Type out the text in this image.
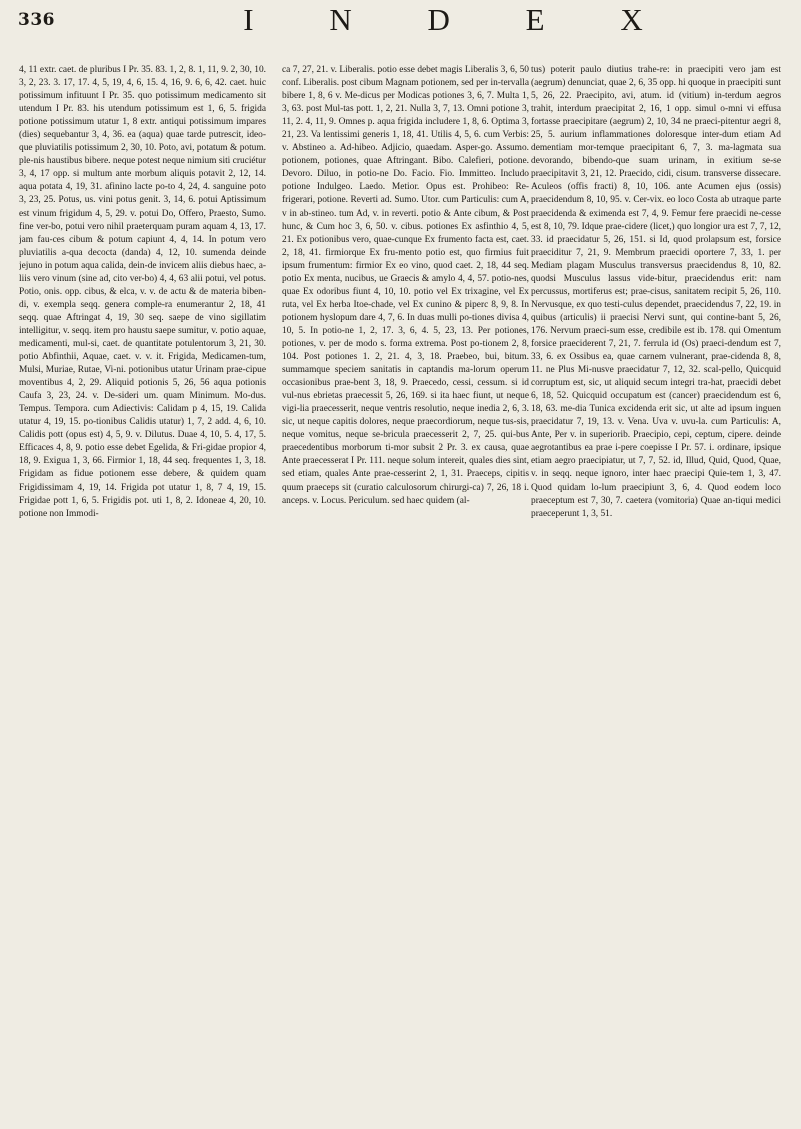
336	I N D E X

4, 11 extr. caet. de pluribus I Pr. 35. 83. 1, 2, 8. 1, 11, 9. 2, 30, 10. 3, 2, 23. 3. 17, 17. 4, 5, 19, 4, 6, 15. 4, 16, 9. 6, 6, 42. caet. huic potissimum infituunt I Pr. 35. quo potissimum medicamento sit utendum I Pr. 83. his utendum potissimum est 1, 6, 5. frigida potione potissimum utatur 1, 8 extr. antiqui potissimum impares (dies) sequebantur 3, 4, 36. ea (aqua) quae tarde putrescit, ideo-que pluviatilis potissimum 2, 30, 10. Poto, avi, potatum & potum. ple-nis haustibus bibere. neque potest neque nimium siti cruciétur 3, 4, 17 opp. si multum ante morbum aliquis potavit 2, 12, 14. aqua potata 4, 19, 31. afinino lacte po-to 4, 24, 4. sanguine poto 3, 23, 25. Potus, us. vini potus genit. 3, 14, 6. potui Aptissimum est vinum frigidum 4, 5, 29. v. potui Do, Offero, Praesto, Sumo. fine ver-bo, potui vero nihil praeterquam puram aquam 4, 13, 17. jam fau-ces cibum & potum capiunt 4, 4, 14. In potum vero pluviatilis a-qua decocta (danda) 4, 12, 10. sumenda deinde jejuno in potum aqua calida, dein-de invicem aliis diebus haec, a-liis vero vinum (sine ad, cito ver-bo) 4, 4, 63 alii potui, vel potus. Potio, onis. opp. cibus, & elca, v. v. de actu & de materia biben-di, v. exempla seqq. genera comple-ra enumerantur 2, 18, 41 seqq. quae Aftringat 4, 19, 30 seq. saepe de vino sigillatim intelligitur, v. seqq. item pro haustu saepe sumitur, v. potio aquae, medicamenti, mul-si, caet. de quantitate potulentorum 3, 21, 30. potio Abfinthii, Aquae, caet. v. v. it. Frigida, Medicamen-tum, Mulsi, Muriae, Rutae, Vi-ni. potionibus utatur Urinam prae-cipue moventibus 4, 2, 29. Aliquid potionis 5, 26, 56 aqua potionis Caufa 3, 23, 24. v. De-sideri um. quam Minimum. Mo-dus. Tempus. Tempora. cum Adiectivis: Calidam p 4, 15, 19. Calida utatur 4, 19, 15. po-tionibus Calidis utatur) 1, 7, 2 add. 4, 6, 10. Calidis pott (opus est) 4, 5, 9. v. Dilutus. Duae 4, 10, 5. 4, 17, 5. Efficaces 4, 8, 9. potio esse debet Egelida, & Fri-gidae propior 4, 18, 9. Exigua 1, 3, 66. Firmior 1, 18, 44 seq. frequentes 1, 3, 18. Frigidam as fidue potionem esse debere, & quidem quam Frigidissimam 4, 19, 14. Frigida pot utatur 1, 8, 7 4, 19, 15. Frigidae pott 1, 6, 5. Frigidis pot. uti 1, 8, 2. Idoneae 4, 20, 10. potione non Immodi-

ca 7, 27, 21. v. Liberalis. potio esse debet magis Liberalis 3, 6, 50 conf. Liberalis. post cibum Magnam potionem, sed per in-tervalla bibere 1, 8, 6 v. Me-dicus per Modicas potiones 3, 6, 7. Multa 1, 3, 63. post Mul-tas pott. 1, 2, 21. Nulla 3, 7, 13. Omni potione 3, 11, 2. 4, 11, 9. Omnes p. aqua frigida includere 1, 8, 6. Optima 3, 21, 23. Va lentissimi generis 1, 18, 41. Utilis 4, 5, 6. cum Verbis: v. Abstineo a. Ad-hibeo. Adjicio, quaedam. Asper-go. Assumo. potionem, potiones, quae Aftringant. Bibo. Calefieri, potione. Devoro. Diluo, in potio-ne Do. Facio. Fio. Immitteo. Includo potione Indulgeo. Laedo. Metior. Opus est. Prohibeo: Re-frigerari, potione. Reverti ad. Sumo. Utor. cum Particulis: cum A, v in ab-stineo. tum Ad, v. in reverti. potio & Ante cibum, & Post hunc, & Cum hoc 3, 6, 50. v. cibus. potiones Ex asfinthio 4, 5, 21. Ex potionibus vero, quae-cunque Ex frumento facta est, caet. 2, 18, 41. firmiorque Ex fru-mento potio est, quo firmius fuit ipsum frumentum: firmior Ex eo vino, quod caet. 2, 18, 44 seq. potio Ex menta, nucibus, ue Graecis & amylo 4, 4, 57. potio-nes, quae Ex odoribus fiunt 4, 10, 10. potio vel Ex trixagine, vel Ex ruta, vel Ex herba Itoe-chade, vel Ex cunino & piperc 8, 9, 8. In potionem hyslopum dare 4, 7, 6. In duas mulli po-tiones divisa 4, 10, 5. In potio-ne 1, 2, 17. 3, 6, 4. 5, 23, 13. Per potiones, potiones, v. per de modo s. forma extrema. Post po-tionem 2, 8, 104. Post potiones 1. 2, 21. 4, 3, 18. Praebeo, bui, bitum. summamque speciem sanitatis in captandis ma-lorum operum occasionibus prae-bent 3, 18, 9. Praecedo, cessi, cessum. si id vul-nus ebrietas praecessit 5, 26, 169. si ita haec fiunt, ut neque vigi-lia praecesserit, neque ventris resolutio, neque inedia 2, 6, 3. sic, ut neque capitis dolores, neque praecordiorum, neque tus-sis, neque vomitus, neque se-bricula praecesserit 2, 7, 25. qui-bus praecedentibus morborum ti-mor subsit 2 Pr. 3. ex causa, quae Ante praecesserat I Pr. 111. neque solum intereit, quales dies sint, sed etiam, quales Ante prae-cesserint 2, 1, 31. Praeceps, cipitis quum praeceps sit (curatio calculosorum chirurgi-ca) 7, 26, 18 i. anceps. v. Locus. Periculum. sed haec quidem (al-

tus) poterit paulo diutius trahe-re: in praecipiti vero jam est (aegrum) denunciat, quae 2, 6, 35 opp. hi quoque in praecipiti sunt 5, 26, 22. Praecipito, avi, atum. id (vitium) in-terdum aegros trahit, interdum praecipitat 2, 16, 1 opp. simul o-mni vi effusa fortasse praecipitare (aegrum) 2, 10, 34 ne praeci-pitentur aegri 8, 25, 5. aurium inflammationes doloresque inter-dum etiam Ad dementiam mor-temque praecipitant 6, 7, 3. ma-lagmata sua devorando, bibendo-que suam urinam, in exitium se-se praecipitavit 3, 21, 12. Praecido, cidi, cisum. transverse dissecare. Aculeos (offis fracti) 8, 10, 106. ante Acumen ejus (ossis) praecidendum 8, 10, 95. v. Cer-vix. eo loco Costa ab utraque parte praecidenda & eximenda est 7, 4, 9. Femur fere praecidi ne-cesse est 8, 10, 79. Idque prae-cidere (licet,) quo longior ura est 7, 7, 12, 33. id praecidatur 5, 26, 151. si Id, quod prolapsum est, forsice praeciditur 7, 21, 9. Membrum praecidi oportere 7, 33, 1. per Mediam plagam Musculus transversus praecidendus 8, 10, 82. quodsi Musculus lassus vide-bitur, praecidendus erit: nam percussus, mortiferus est; prae-cisus, sanitatem recipit 5, 26, 110. Nervusque, ex quo testi-culus dependet, praecidendus 7, 22, 19. in quibus (articulis) ii praecisi Nervi sunt, qui contine-bant 5, 26, 176. Nervum praeci-sum esse, credibile est ib. 178. qui Omentum forsice praeciderent 7, 21, 7. ferrula id (Os) praeci-dendum est 7, 33, 6. ex Ossibus ea, quae carnem vulnerant, prae-cidenda 8, 8, 11. ne Plus Mi-nusve praecidatur 7, 12, 32. scal-pello, Quicquid corruptum est, sic, ut aliquid secum integri tra-hat, praecidi debet 6, 18, 52. Quicquid occupatum est (cancer) praecidendum est 6, 18, 63. me-dia Tunica excidenda erit sic, ut alte ad ipsum inguen praecidatur 7, 19, 13. v. Vena. Uva v. uvu-la. cum Particulis: A, Ante, Per v. in superiorib. Praecipio, cepi, ceptum, cipere. deinde aegrotantibus ea prae i-pere coepisse I Pr. 57. i. ordinare, ipsique etiam aegro praecipiatur, ut 7, 7, 52. id, Illud, Quid, Quod, Quae, v. in seqq. neque ignoro, inter haec praecipi Quie-tem 1, 3, 47. Quod quidam lo-lum praecipiunt 3, 6, 4. Quod eodem loco praeceptum est 7, 30, 7. caetera (vomitoria) Quae an-tiqui medici praeceperunt 1, 3, 51.
